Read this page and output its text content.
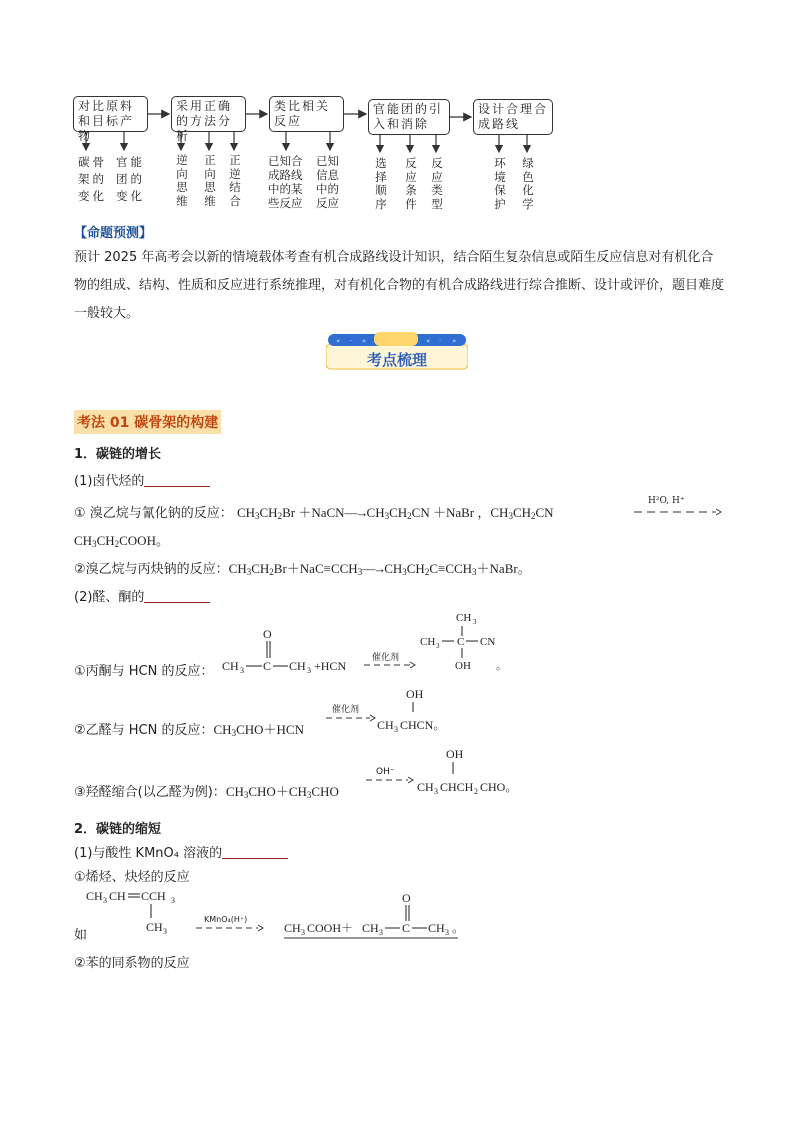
对比原料和目标产物
采用正确的方法分析
类比相关反应
官能团的引入和消除
设计合理合成路线
碳骨架的变化
官能团的变化
逆向思维
正向思维
正逆结合
已知合成路线中的某些反应
已知信息中的反应
选择顺序
反应条件
反应类型
环境保护
绿色化学
【命题预测】
预计 2025 年高考会以新的情境载体考查有机合成路线设计知识，结合陌生复杂信息或陌生反应信息对有机化合物的组成、结构、性质和反应进行系统推理，对有机化合物的有机合成路线进行综合推断、设计或评价，题目难度一般较大。
« · »	« · »
考点梳理
考法 01 碳骨架的构建
1．碳链的增长
(1)卤代烃的
① 溴乙烷与氰化钠的反应： $CH_3CH_2Br$ $+NaCN―\to CH_3CH_2CN$ ＋NaBr ，$CH_3CH_2CN$
H²O, H⁺
$CH_3CH_2COOH$。
②溴乙烷与丙炔钠的反应：$CH_3CH_2Br+NaC\equiv CCH_3―\to CH_3CH_2C\equiv CCH_3+NaBr$。
(2)醛、酮的
①丙酮与 HCN 的反应：
O
CH 3 C CH 3 +HCN
催化剂
CH 3
CH 3 C CN
OH 。
②乙醛与 HCN 的反应：$CH_3CHO+HCN$
催化剂
OH
CH 3 CHCN。
③羟醛缩合(以乙醛为例)：$CH_3CHO+CH_3CHO$
OH⁻
OH
CH 3 CHCH 2 CHO。
2．碳链的缩短
(1)与酸性 KMnO₄ 溶液的
①烯烃、炔烃的反应
如
CH 3 CH CCH 3
CH 3
KMnO₄(H⁺)
CH 3 COOH＋
O
CH 3 C CH 3 。
②苯的同系物的反应
